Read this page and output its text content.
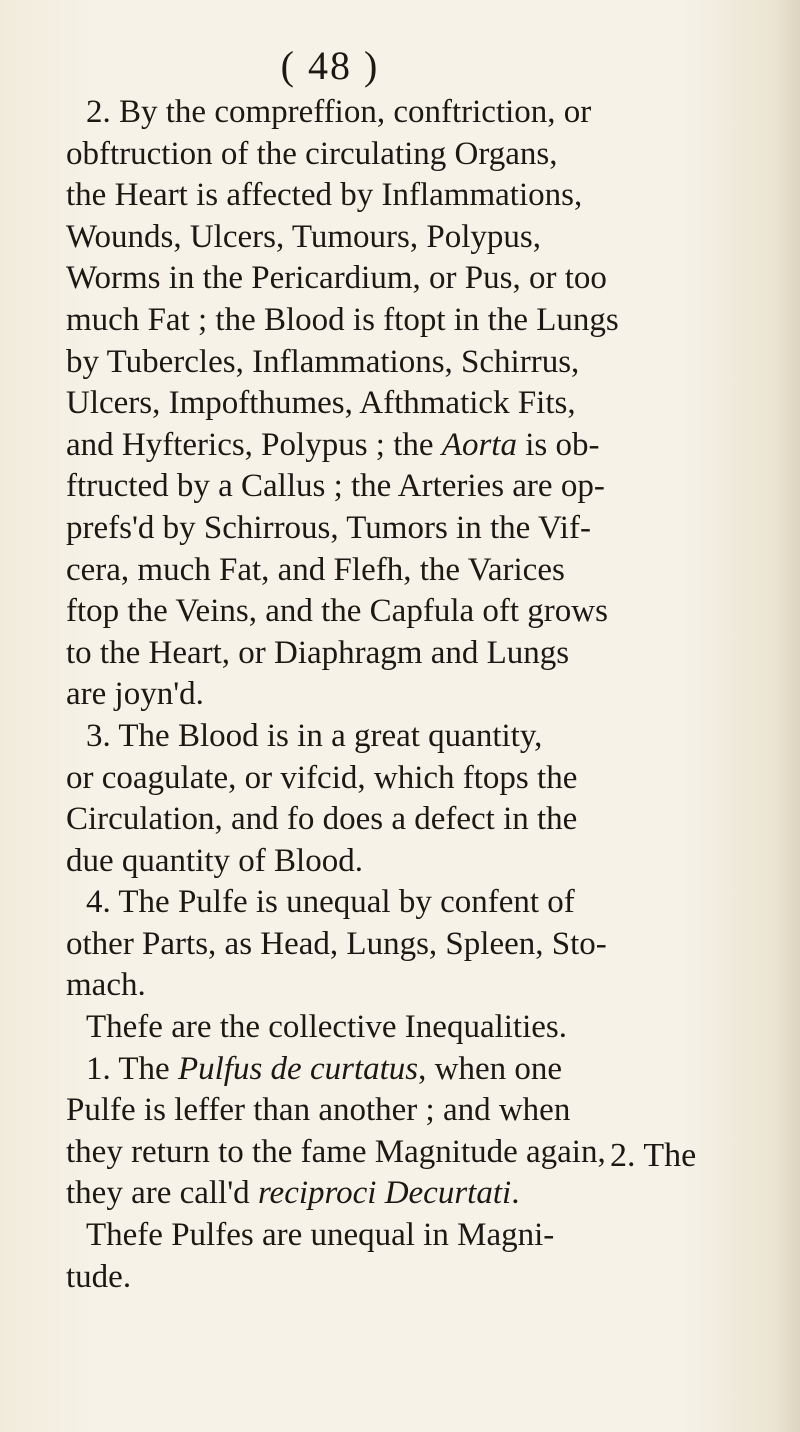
( 48 )
2. By the compreffion, conftriction, or
obftruction of the circulating Organs,
the Heart is affected by Inflammations,
Wounds, Ulcers, Tumours, Polypus,
Worms in the Pericardium, or Pus, or too
much Fat ; the Blood is ftopt in the Lungs
by Tubercles, Inflammations, Schirrus,
Ulcers, Impofthumes, Afthmatick Fits,
and Hyfterics, Polypus ; the Aorta is ob-
ftructed by a Callus ; the Arteries are op-
prefs'd by Schirrous, Tumors in the Vif-
cera, much Fat, and Flefh, the Varices
ftop the Veins, and the Capfula oft grows
to the Heart, or Diaphragm and Lungs
are joyn'd.
3. The Blood is in a great quantity,
or coagulate, or vifcid, which ftops the
Circulation, and fo does a defect in the
due quantity of Blood.
4. The Pulfe is unequal by confent of
other Parts, as Head, Lungs, Spleen, Sto-
mach.
Thefe are the collective Inequalities.
1. The Pulfus de curtatus, when one
Pulfe is leffer than another ; and when
they return to the fame Magnitude again,
they are call'd reciproci Decurtati.
Thefe Pulfes are unequal in Magni-
tude.
2. The
